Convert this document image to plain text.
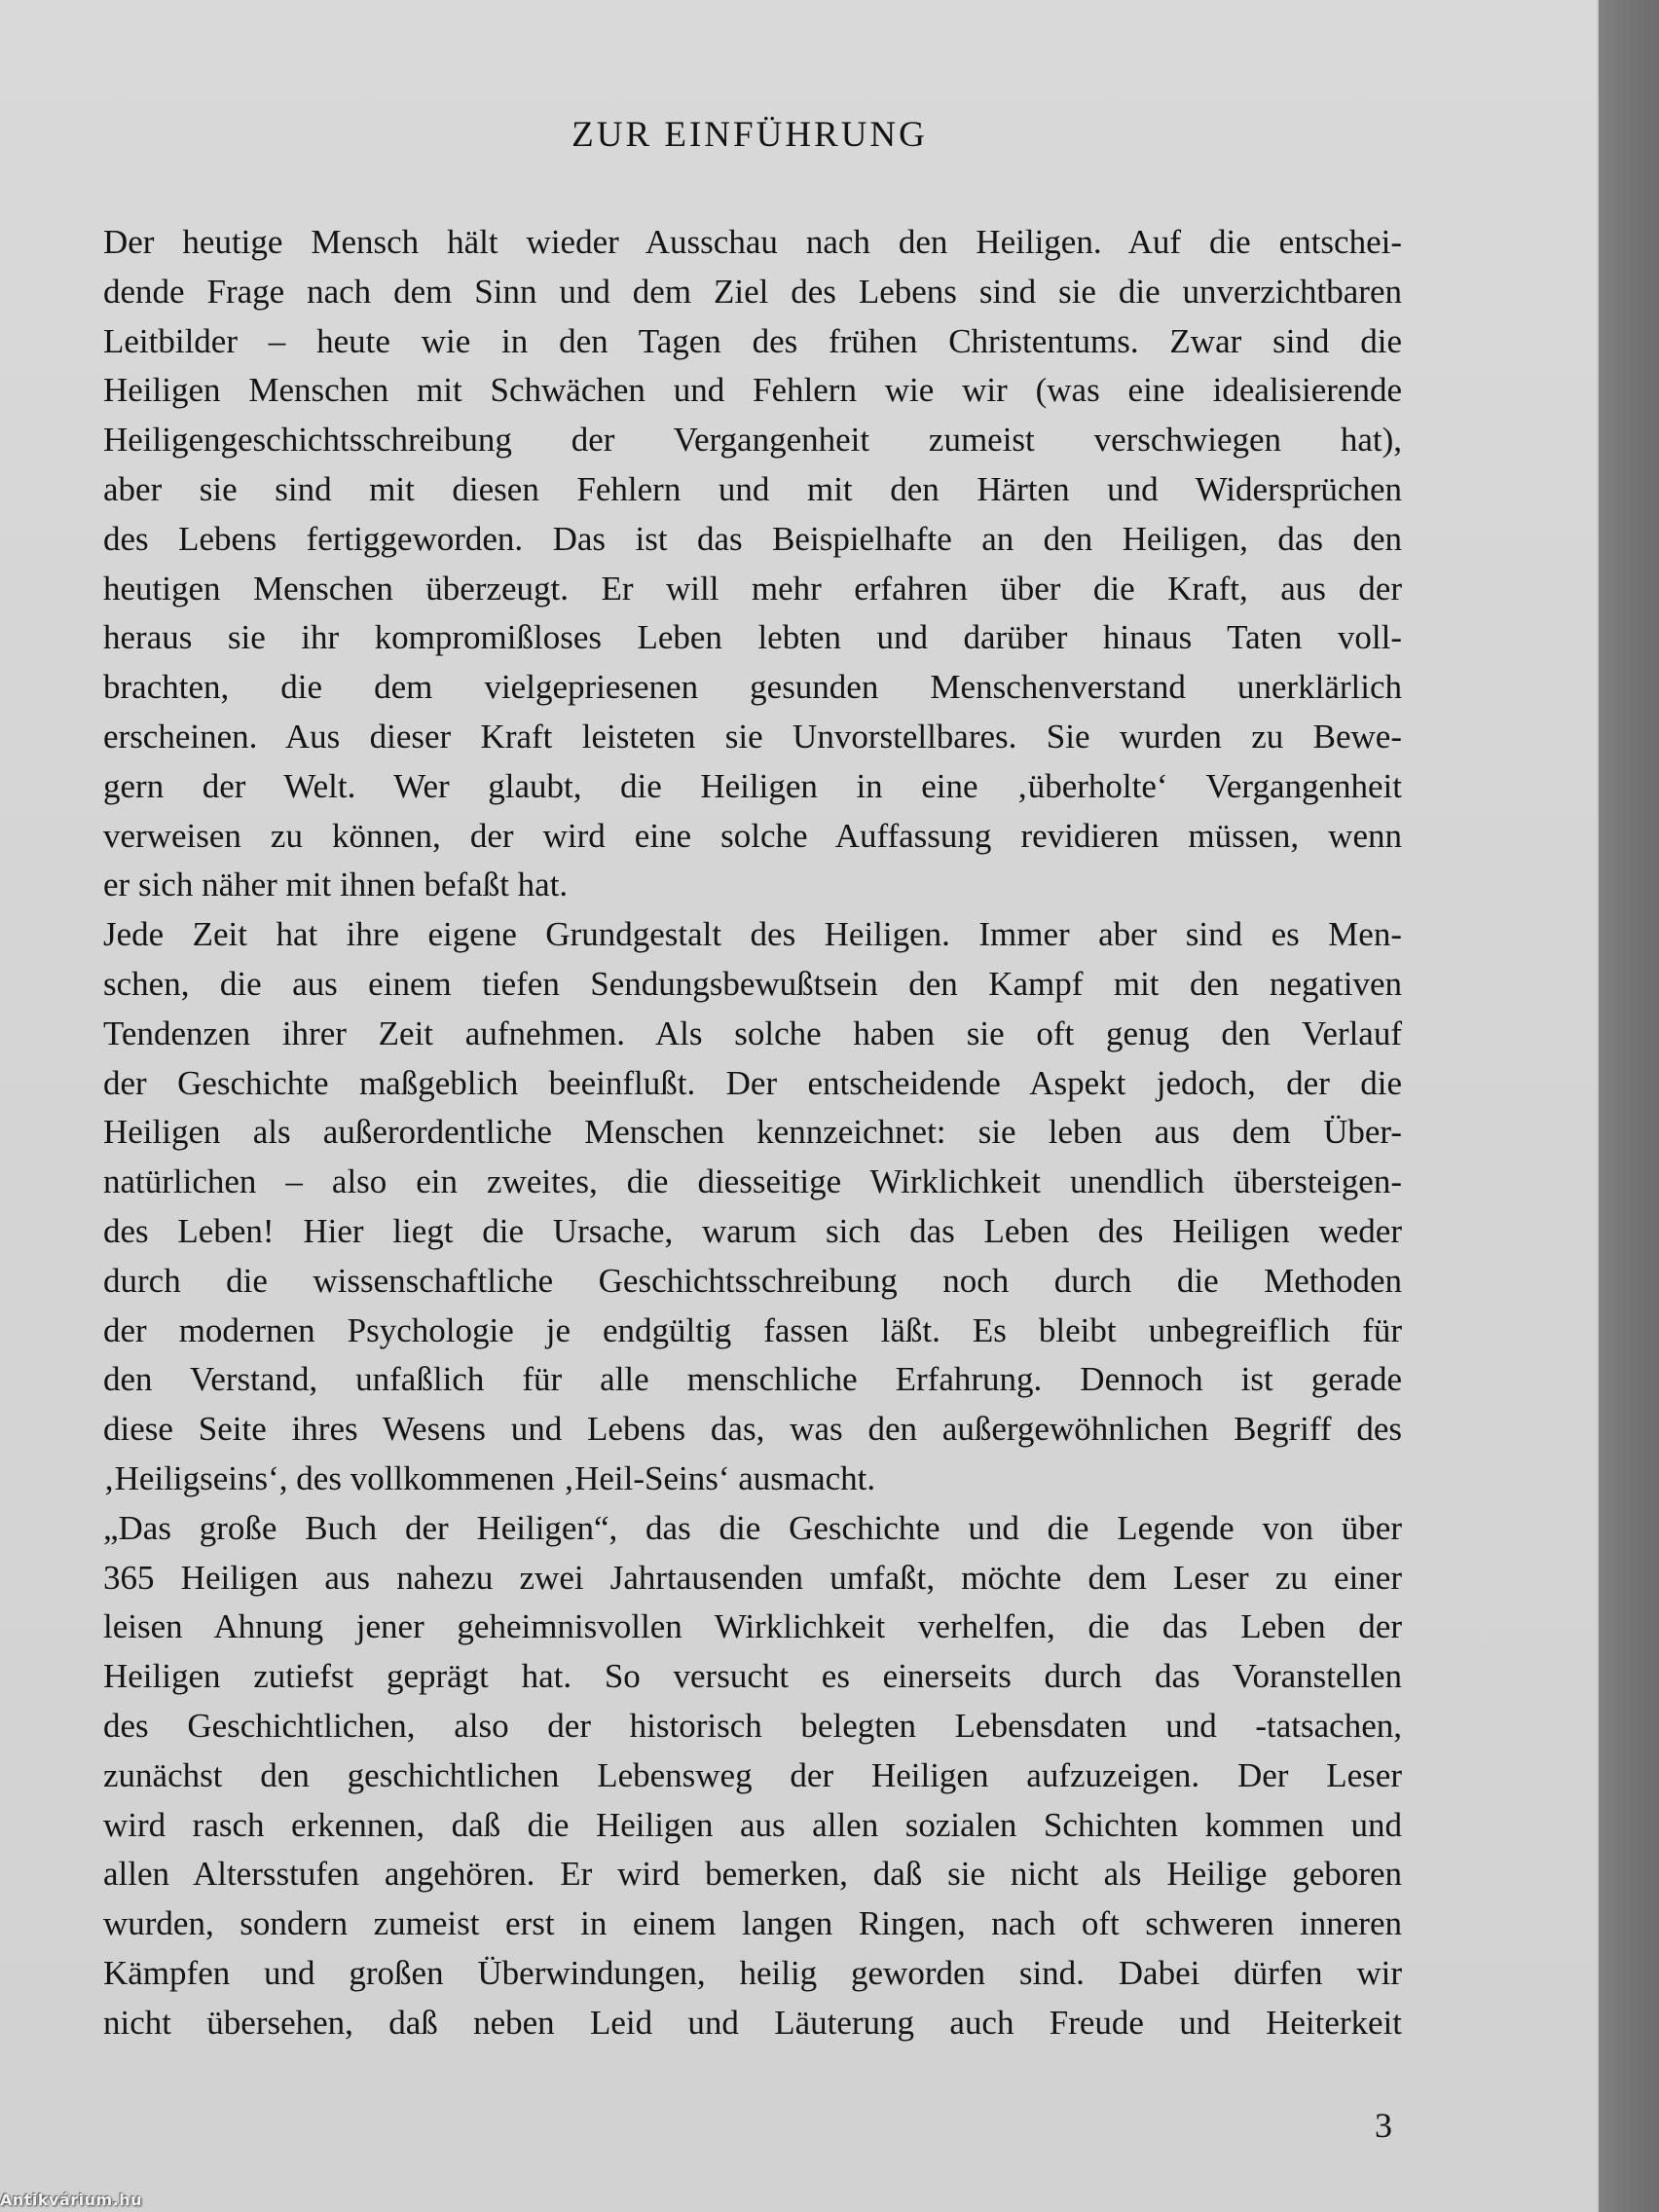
ZUR EINFÜHRUNG
Der heutige Mensch hält wieder Ausschau nach den Heiligen. Auf die entschei-
dende Frage nach dem Sinn und dem Ziel des Lebens sind sie die unverzichtbaren
Leitbilder – heute wie in den Tagen des frühen Christentums. Zwar sind die
Heiligen Menschen mit Schwächen und Fehlern wie wir (was eine idealisierende
Heiligengeschichtsschreibung der Vergangenheit zumeist verschwiegen hat),
aber sie sind mit diesen Fehlern und mit den Härten und Widersprüchen
des Lebens fertiggeworden. Das ist das Beispielhafte an den Heiligen, das den
heutigen Menschen überzeugt. Er will mehr erfahren über die Kraft, aus der
heraus sie ihr kompromißloses Leben lebten und darüber hinaus Taten voll-
brachten, die dem vielgepriesenen gesunden Menschenverstand unerklärlich
erscheinen. Aus dieser Kraft leisteten sie Unvorstellbares. Sie wurden zu Bewe-
gern der Welt. Wer glaubt, die Heiligen in eine ‚überholte‘ Vergangenheit
verweisen zu können, der wird eine solche Auffassung revidieren müssen, wenn
er sich näher mit ihnen befaßt hat.
Jede Zeit hat ihre eigene Grundgestalt des Heiligen. Immer aber sind es Men-
schen, die aus einem tiefen Sendungsbewußtsein den Kampf mit den negativen
Tendenzen ihrer Zeit aufnehmen. Als solche haben sie oft genug den Verlauf
der Geschichte maßgeblich beeinflußt. Der entscheidende Aspekt jedoch, der die
Heiligen als außerordentliche Menschen kennzeichnet: sie leben aus dem Über-
natürlichen – also ein zweites, die diesseitige Wirklichkeit unendlich übersteigen-
des Leben! Hier liegt die Ursache, warum sich das Leben des Heiligen weder
durch die wissenschaftliche Geschichtsschreibung noch durch die Methoden
der modernen Psychologie je endgültig fassen läßt. Es bleibt unbegreiflich für
den Verstand, unfaßlich für alle menschliche Erfahrung. Dennoch ist gerade
diese Seite ihres Wesens und Lebens das, was den außergewöhnlichen Begriff des
‚Heiligseins‘, des vollkommenen ‚Heil-Seins‘ ausmacht.
„Das große Buch der Heiligen“, das die Geschichte und die Legende von über
365 Heiligen aus nahezu zwei Jahrtausenden umfaßt, möchte dem Leser zu einer
leisen Ahnung jener geheimnisvollen Wirklichkeit verhelfen, die das Leben der
Heiligen zutiefst geprägt hat. So versucht es einerseits durch das Voranstellen
des Geschichtlichen, also der historisch belegten Lebensdaten und -tatsachen,
zunächst den geschichtlichen Lebensweg der Heiligen aufzuzeigen. Der Leser
wird rasch erkennen, daß die Heiligen aus allen sozialen Schichten kommen und
allen Altersstufen angehören. Er wird bemerken, daß sie nicht als Heilige geboren
wurden, sondern zumeist erst in einem langen Ringen, nach oft schweren inneren
Kämpfen und großen Überwindungen, heilig geworden sind. Dabei dürfen wir
nicht übersehen, daß neben Leid und Läuterung auch Freude und Heiterkeit
3
Antikvárium.hu
